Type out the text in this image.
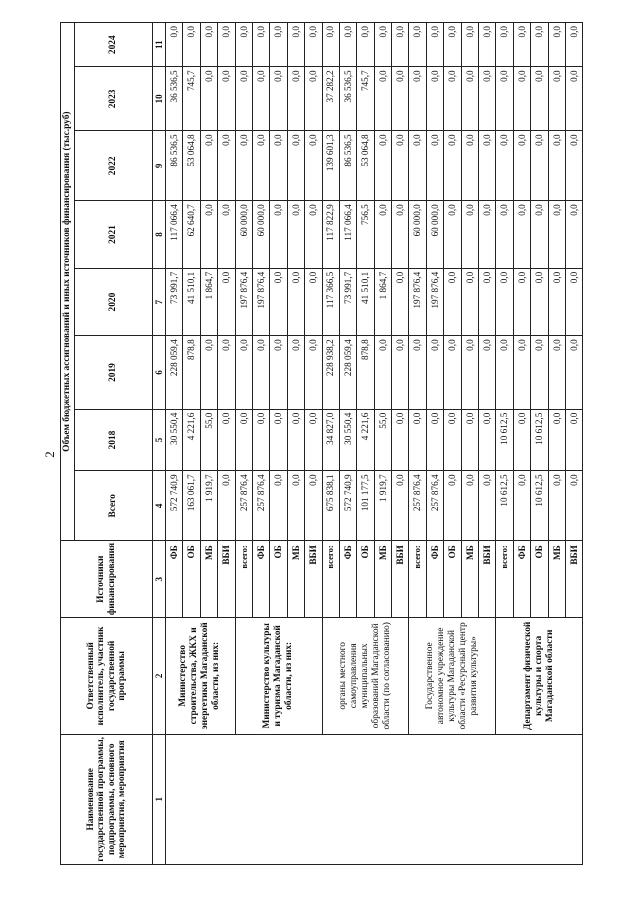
2
Наименование государственной программы, подпрограммы, основного мероприятия, мероприятия	Ответственный исполнитель, участник государственной программы	Источники финансирования	Объем бюджетных ассигнований и иных источников финансирования (тыс.руб)							
			Всего	2018	2019	2020	2021	2022	2023	2024
1	2	3	4	5	6	7	8	9	10	11
	Министерство строительства, ЖКХ и энергетики Магаданской области, из них:	ФБ	572 740,9	30 550,4	228 059,4	73 991,7	117 066,4	86 536,5	36 536,5	0,0
		ОБ	163 061,7	4 221,6	878,8	41 510,1	62 640,7	53 064,8	745,7	0,0
		МБ	1 919,7	55,0	0,0	1 864,7	0,0	0,0	0,0	0,0
		ВБИ	0,0	0,0	0,0	0,0	0,0	0,0	0,0	0,0
	Министерство культуры и туризма Магаданской области, из них:	всего:	257 876,4	0,0	0,0	197 876,4	60 000,0	0,0	0,0	0,0
		ФБ	257 876,4	0,0	0,0	197 876,4	60 000,0	0,0	0,0	0,0
		ОБ	0,0	0,0	0,0	0,0	0,0	0,0	0,0	0,0
		МБ	0,0	0,0	0,0	0,0	0,0	0,0	0,0	0,0
		ВБИ	0,0	0,0	0,0	0,0	0,0	0,0	0,0	0,0
	органы местного самоуправления муниципальных образований Магаданской области (по согласованию)	всего:	675 838,1	34 827,0	228 938,2	117 366,5	117 822,9	139 601,3	37 282,2	0,0
		ФБ	572 740,9	30 550,4	228 059,4	73 991,7	117 066,4	86 536,5	36 536,5	0,0
		ОБ	101 177,5	4 221,6	878,8	41 510,1	756,5	53 064,8	745,7	0,0
		МБ	1 919,7	55,0	0,0	1 864,7	0,0	0,0	0,0	0,0
		ВБИ	0,0	0,0	0,0	0,0	0,0	0,0	0,0	0,0
	Государственное автономное учреждение культуры Магаданской области «Ресурсный центр развития культуры»	всего:	257 876,4	0,0	0,0	197 876,4	60 000,0	0,0	0,0	0,0
		ФБ	257 876,4	0,0	0,0	197 876,4	60 000,0	0,0	0,0	0,0
		ОБ	0,0	0,0	0,0	0,0	0,0	0,0	0,0	0,0
		МБ	0,0	0,0	0,0	0,0	0,0	0,0	0,0	0,0
		ВБИ	0,0	0,0	0,0	0,0	0,0	0,0	0,0	0,0
	Департамент физической культуры и спорта Магаданской области	всего:	10 612,5	10 612,5	0,0	0,0	0,0	0,0	0,0	0,0
		ФБ	0,0	0,0	0,0	0,0	0,0	0,0	0,0	0,0
		ОБ	10 612,5	10 612,5	0,0	0,0	0,0	0,0	0,0	0,0
		МБ	0,0	0,0	0,0	0,0	0,0	0,0	0,0	0,0
		ВБИ	0,0	0,0	0,0	0,0	0,0	0,0	0,0	0,0
